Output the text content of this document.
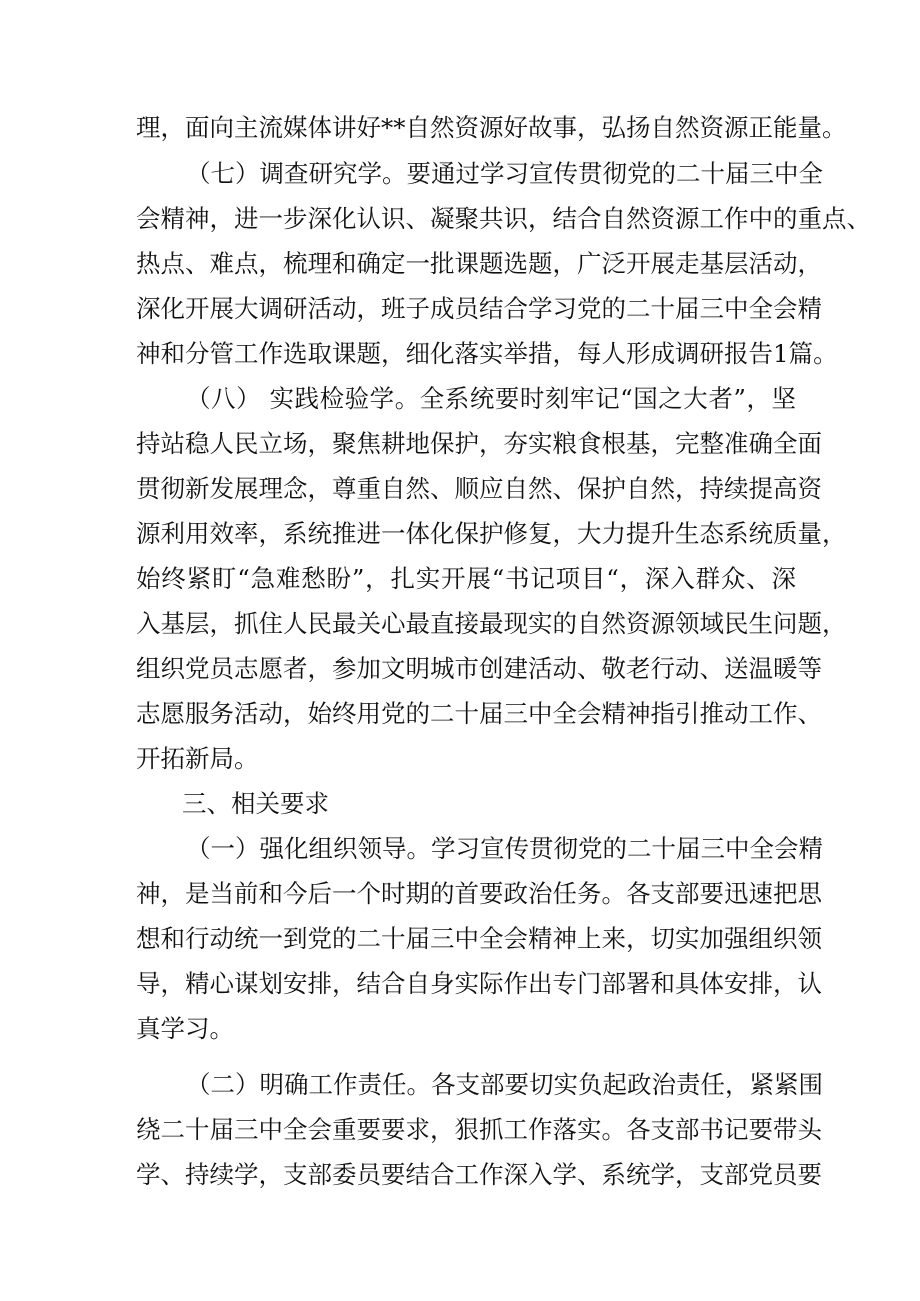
理，面向主流媒体讲好**自然资源好故事，弘扬自然资源正能量。
（七）调查研究学。要通过学习宣传贯彻党的二十届三中全
会精神，进一步深化认识、凝聚共识，结合自然资源工作中的重点、
热点、难点，梳理和确定一批课题选题，广泛开展走基层活动，
深化开展大调研活动，班子成员结合学习党的二十届三中全会精
神和分管工作选取课题，细化落实举措，每人形成调研报告1篇。
（八） 实践检验学。全系统要时刻牢记“国之大者”，坚
持站稳人民立场，聚焦耕地保护，夯实粮食根基，完整准确全面
贯彻新发展理念，尊重自然、顺应自然、保护自然，持续提高资
源利用效率，系统推进一体化保护修复，大力提升生态系统质量，
始终紧盯“急难愁盼”，扎实开展“书记项目“，深入群众、深
入基层，抓住人民最关心最直接最现实的自然资源领域民生问题，
组织党员志愿者，参加文明城市创建活动、敬老行动、送温暖等
志愿服务活动，始终用党的二十届三中全会精神指引推动工作、
开拓新局。
三、相关要求
（一）强化组织领导。学习宣传贯彻党的二十届三中全会精
神，是当前和今后一个时期的首要政治任务。各支部要迅速把思
想和行动统一到党的二十届三中全会精神上来，切实加强组织领
导，精心谋划安排，结合自身实际作出专门部署和具体安排，认
真学习。
（二）明确工作责任。各支部要切实负起政治责任，紧紧围
绕二十届三中全会重要要求，狠抓工作落实。各支部书记要带头
学、持续学，支部委员要结合工作深入学、系统学，支部党员要
